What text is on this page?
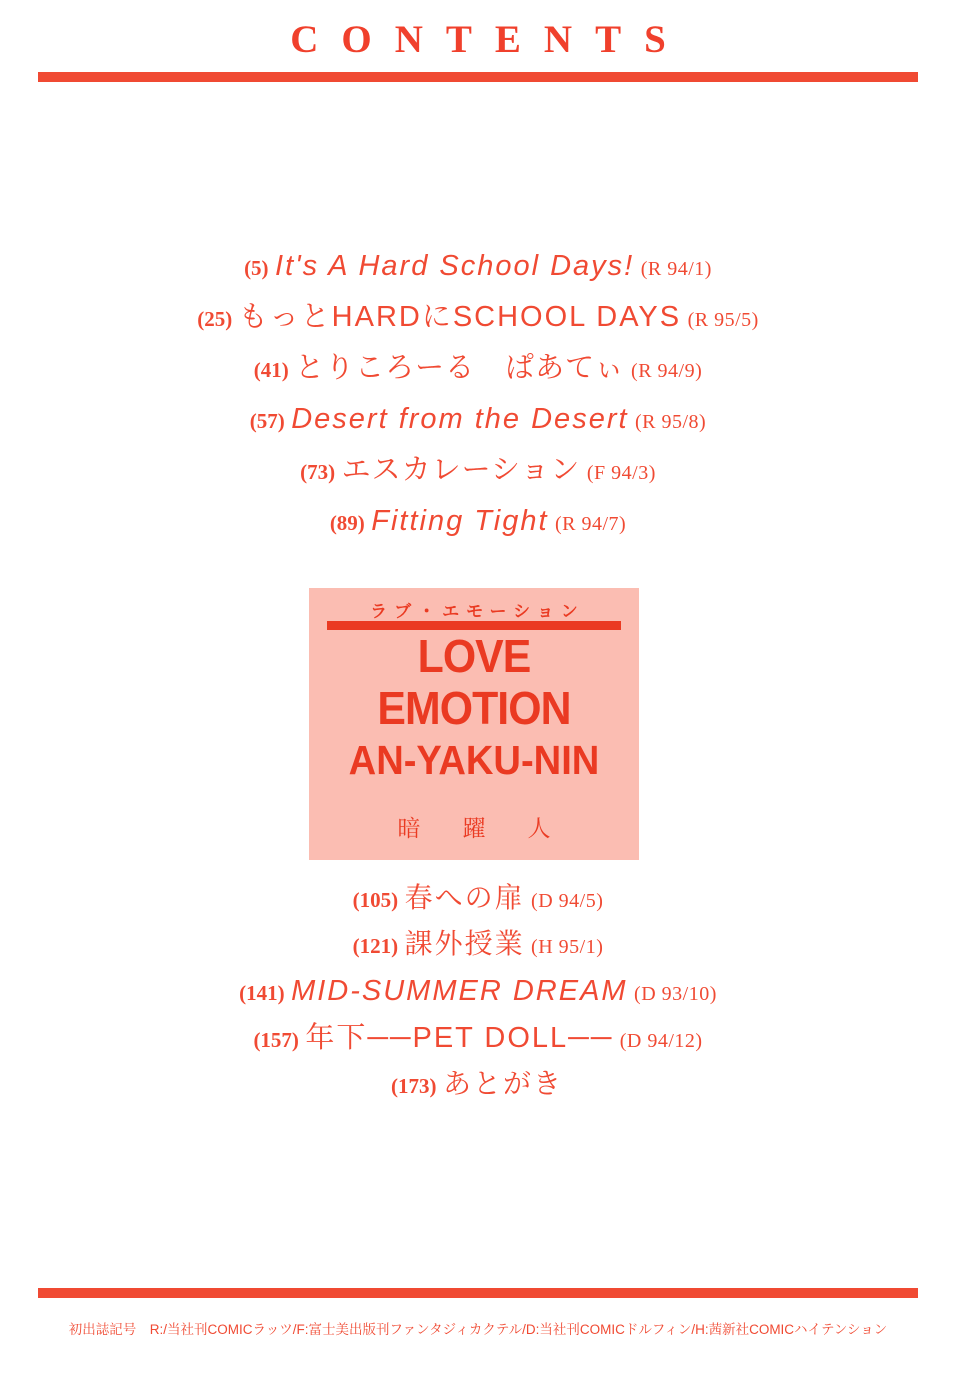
CONTENTS
(5) It's A Hard School Days! (R 94/1)
(25) もっとHARDにSCHOOL DAYS (R 95/5)
(41) とりころーる　ぱあてぃ (R 94/9)
(57) Desert from the Desert (R 95/8)
(73) エスカレーション (F 94/3)
(89) Fitting Tight (R 94/7)
ラブ・エモーション
LOVE EMOTION
AN-YAKU-NIN
暗躍人
(105) 春への扉 (D 94/5)
(121) 課外授業 (H 95/1)
(141) MID-SUMMER DREAM (D 93/10)
(157) 年下──PET DOLL── (D 94/12)
(173) あとがき
初出誌記号　R:/当社刊COMICラッツ/F:富士美出版刊ファンタジィカクテル/D:当社刊COMICドルフィン/H:茜新社COMICハイテンション
